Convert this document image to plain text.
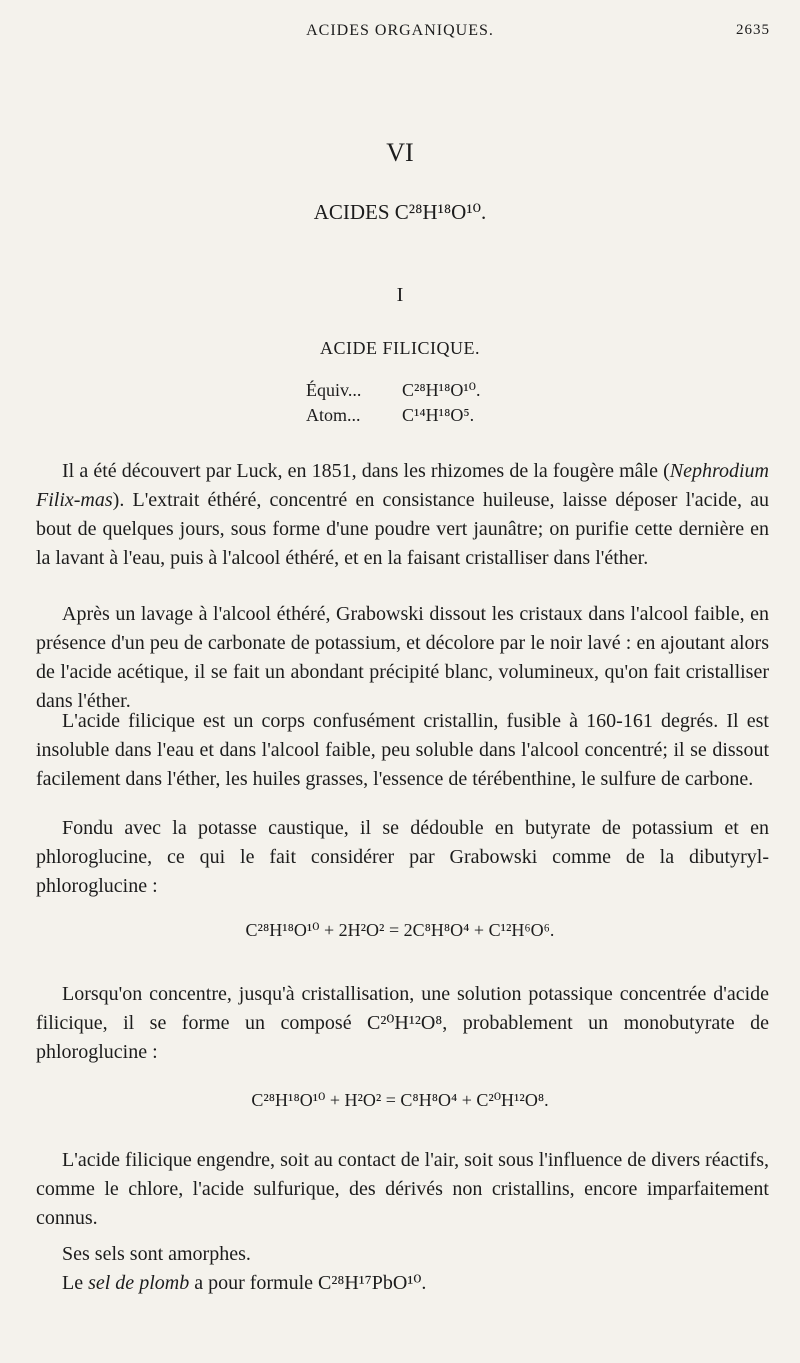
ACIDES ORGANIQUES.	2635
VI
ACIDES C²⁸H¹⁸O¹⁰.
I
ACIDE FILICIQUE.
Équiv...	C²⁸H¹⁸O¹⁰.
Atom...	C¹⁴H¹⁸O⁵.

Il a été découvert par Luck, en 1851, dans les rhizomes de la fougère mâle (Nephrodium Filix-mas). L'extrait éthéré, concentré en consistance huileuse, laisse déposer l'acide, au bout de quelques jours, sous forme d'une poudre vert jaunâtre; on purifie cette dernière en la lavant à l'eau, puis à l'alcool éthéré, et en la faisant cristalliser dans l'éther.

Après un lavage à l'alcool éthéré, Grabowski dissout les cristaux dans l'alcool faible, en présence d'un peu de carbonate de potassium, et décolore par le noir lavé : en ajoutant alors de l'acide acétique, il se fait un abondant précipité blanc, volumineux, qu'on fait cristalliser dans l'éther.

L'acide filicique est un corps confusément cristallin, fusible à 160-161 degrés. Il est insoluble dans l'eau et dans l'alcool faible, peu soluble dans l'alcool concentré; il se dissout facilement dans l'éther, les huiles grasses, l'essence de térébenthine, le sulfure de carbone.

Fondu avec la potasse caustique, il se dédouble en butyrate de potassium et en phloroglucine, ce qui le fait considérer par Grabowski comme de la dibutyryl-phloroglucine :

C²⁸H¹⁸O¹⁰ + 2H²O² = 2C⁸H⁸O⁴ + C¹²H⁶O⁶.

Lorsqu'on concentre, jusqu'à cristallisation, une solution potassique concentrée d'acide filicique, il se forme un composé C²⁰H¹²O⁸, probablement un monobutyrate de phloroglucine :

C²⁸H¹⁸O¹⁰ + H²O² = C⁸H⁸O⁴ + C²⁰H¹²O⁸.

L'acide filicique engendre, soit au contact de l'air, soit sous l'influence de divers réactifs, comme le chlore, l'acide sulfurique, des dérivés non cristallins, encore imparfaitement connus.

Ses sels sont amorphes.

Le sel de plomb a pour formule C²⁸H¹⁷PbO¹⁰.
